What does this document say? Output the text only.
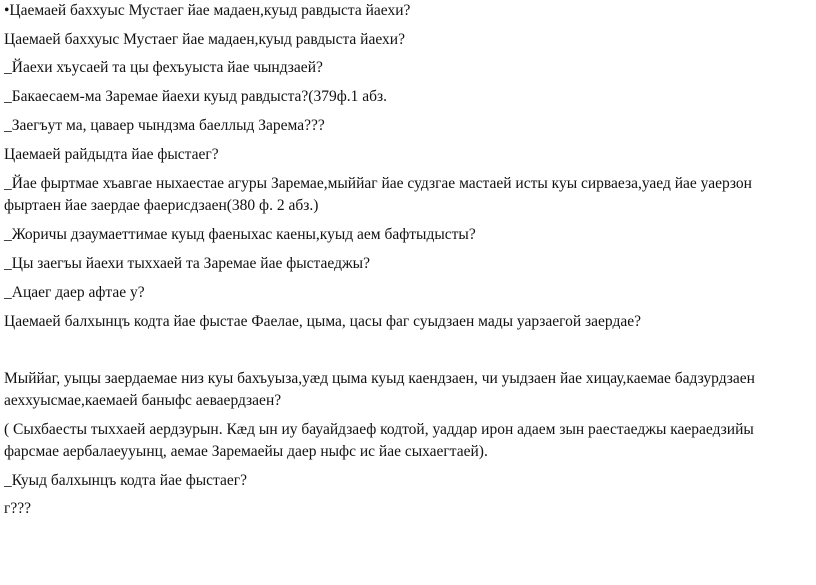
•Цаемаей баххуыс Мустаег йае мадаен,куыд равдыста йаехи?
Цаемаей баххуыс Мустаег йае мадаен,куыд равдыста йаехи?
_Йаехи хъусаей та цы фехъуыста йае чындзаей?
_Бакаесаем-ма Заремае йаехи куыд равдыста?(379ф.1 абз.
_Заегъут ма, цаваер чындзма баеллыд Зарема???
Цаемаей райдыдта йае фыстаег?
_Йае фыртмае хъавгае ныхаестае агуры Заремае,мыййаг йае судзгае мастаей исты куы сирваеза,уаед йае уаерзон
фыртаен йае заердае фаерисдзаен(380 ф. 2 абз.)
_Жоричы дзаумаеттимае куыд фаеныхас каены,куыд аем бафтыдысты?
_Цы заегъы йаехи тыххаей та Заремае йае фыстаеджы?
_Ацаег даер афтае у?
Цаемаей балхынцъ кодта йае фыстае Фаелае, цыма, цасы фаг суыдзаен мады уарзаегой заердае?
Мыййаг, уыцы заердаемае низ куы бахъуыза,уæд цыма куыд каендзаен, чи уыдзаен йае хицау,каемае бадзурдзаен
аеххуысмае,каемаей баныфс аеваердзаен?
( Сыхбаесты тыххаей аердзурын. Кæд ын иу бауайдзаеф кодтой, уаддар ирон адаем зын раестаеджы каераедзийы
фарсмае аербалаеууынц, аемае Заремаейы даер ныфс ис йае сыхаегтаей).
_Куыд балхынцъ кодта йае фыстаег?
г???
